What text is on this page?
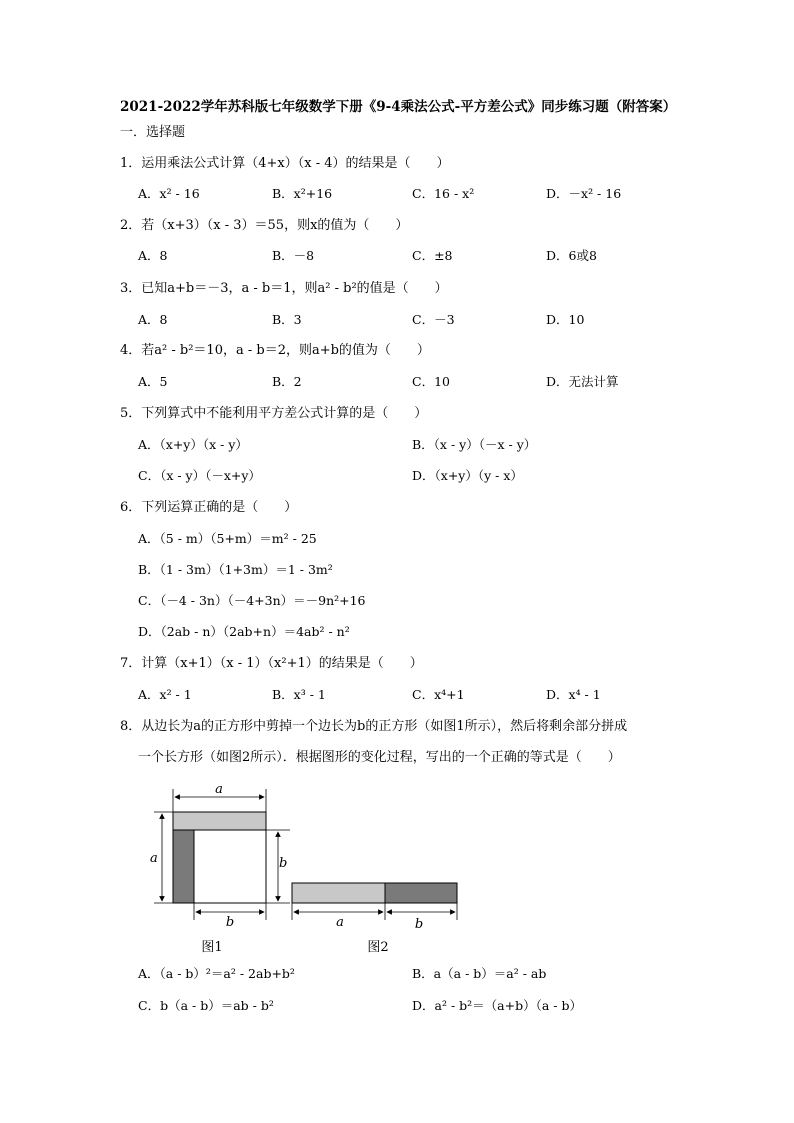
2021-2022学年苏科版七年级数学下册《9-4乘法公式-平方差公式》同步练习题（附答案）
一．选择题
1．运用乘法公式计算（4+x）（x - 4）的结果是（　　）
A．x² - 16	B．x²+16	C．16 - x²	D．－x² - 16
2．若（x+3）（x - 3）＝55，则x的值为（　　）
A．8	B．－8	C．±8	D．6或8
3．已知a+b＝－3，a - b＝1，则a² - b²的值是（　　）
A．8	B．3	C．－3	D．10
4．若a² - b²＝10，a - b＝2，则a+b的值为（　　）
A．5	B．2	C．10	D．无法计算
5．下列算式中不能利用平方差公式计算的是（　　）
A．（x+y）（x - y）	B．（x - y）（－x - y）
C．（x - y）（－x+y）	D．（x+y）（y - x）
6．下列运算正确的是（　　）
A．（5 - m）（5+m）＝m² - 25
B．（1 - 3m）（1+3m）＝1 - 3m²
C．（－4 - 3n）（－4+3n）＝－9n²+16
D．（2ab - n）（2ab+n）＝4ab² - n²
7．计算（x+1）（x - 1）（x²+1）的结果是（　　）
A．x² - 1	B．x³ - 1	C．x⁴+1	D．x⁴ - 1
8．从边长为a的正方形中剪掉一个边长为b的正方形（如图1所示），然后将剩余部分拼成
一个长方形（如图2所示）．根据图形的变化过程，写出的一个正确的等式是（　　）
a
a	b
b
图1
a	b
图2
A．（a - b）²＝a² - 2ab+b²	B．a（a - b）＝a² - ab
C．b（a - b）＝ab - b²	D．a² - b²＝（a+b）（a - b）
